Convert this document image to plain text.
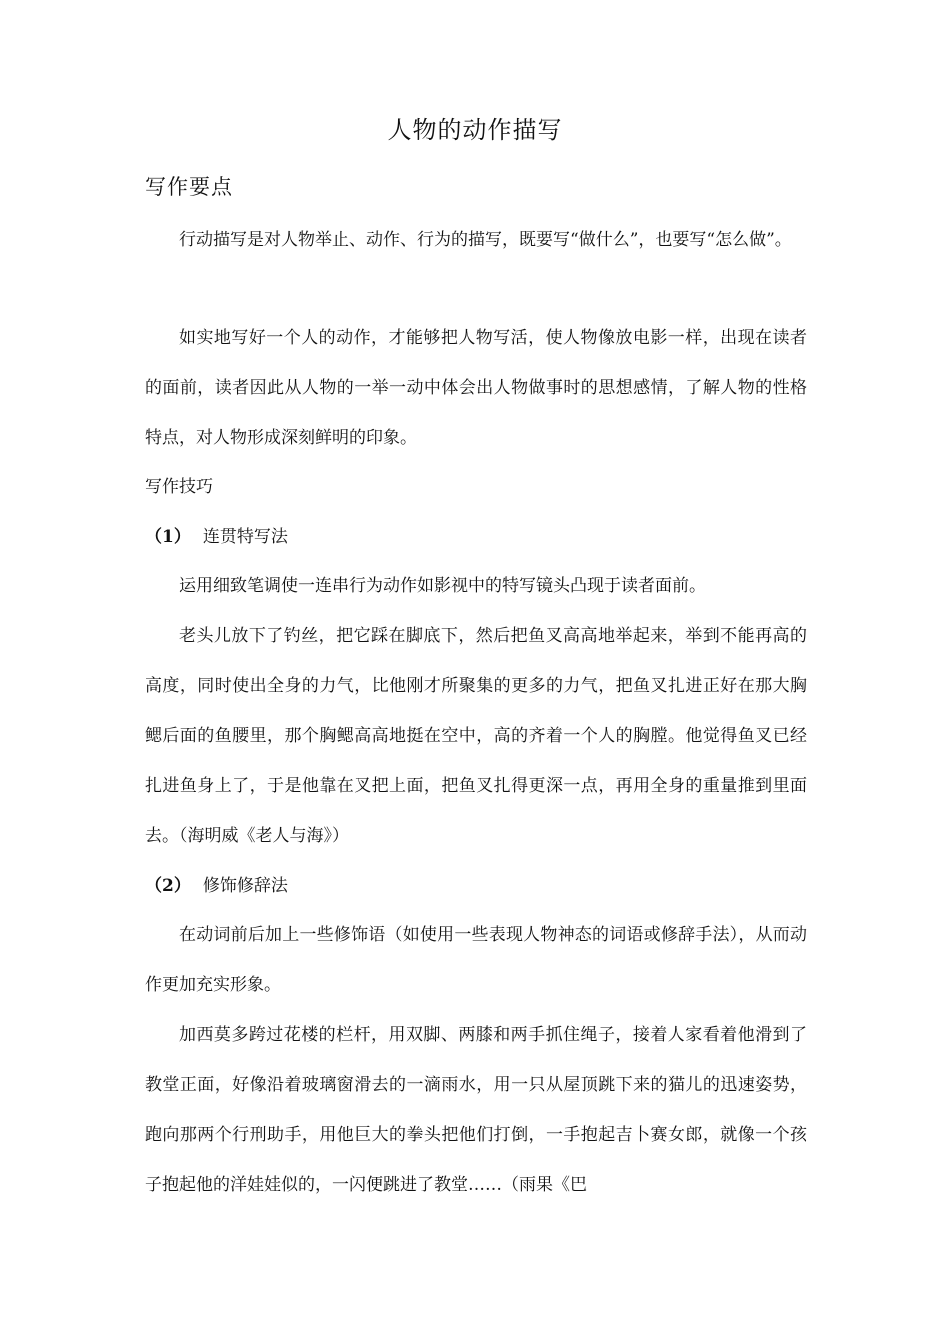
人物的动作描写
写作要点

行动描写是对人物举止、动作、行为的描写，既要写“做什么”，也要写“怎么做”。

如实地写好一个人的动作，才能够把人物写活，使人物像放电影一样，出现在读者的面前，读者因此从人物的一举一动中体会出人物做事时的思想感情，了解人物的性格特点，对人物形成深刻鲜明的印象。

写作技巧
（1） 连贯特写法

运用细致笔调使一连串行为动作如影视中的特写镜头凸现于读者面前。

老头儿放下了钓丝，把它踩在脚底下，然后把鱼叉高高地举起来，举到不能再高的高度，同时使出全身的力气，比他刚才所聚集的更多的力气，把鱼叉扎进正好在那大胸鳃后面的鱼腰里，那个胸鳃高高地挺在空中，高的齐着一个人的胸膛。他觉得鱼叉已经扎进鱼身上了，于是他靠在叉把上面，把鱼叉扎得更深一点，再用全身的重量推到里面去。（海明威《老人与海》）

（2） 修饰修辞法

在动词前后加上一些修饰语（如使用一些表现人物神态的词语或修辞手法），从而动作更加充实形象。

加西莫多跨过花楼的栏杆，用双脚、两膝和两手抓住绳子，接着人家看着他滑到了教堂正面，好像沿着玻璃窗滑去的一滴雨水，用一只从屋顶跳下来的猫儿的迅速姿势，跑向那两个行刑助手，用他巨大的拳头把他们打倒，一手抱起吉卜赛女郎，就像一个孩子抱起他的洋娃娃似的，一闪便跳进了教堂……（雨果《巴
